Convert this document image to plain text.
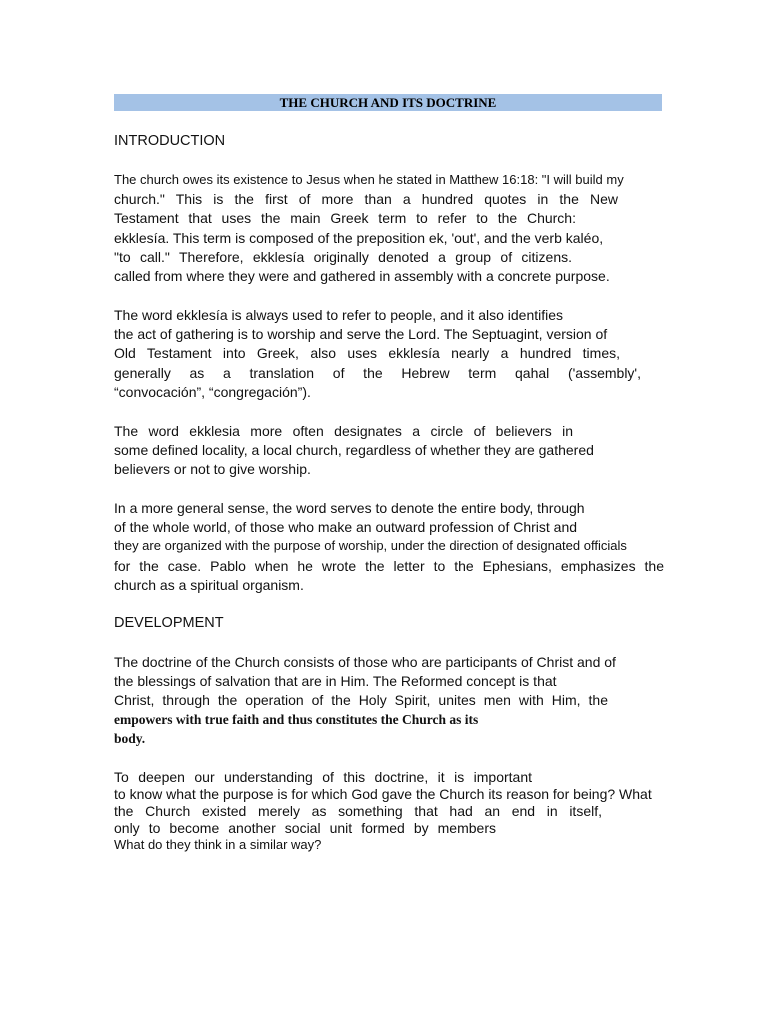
THE CHURCH AND ITS DOCTRINE
INTRODUCTION
The church owes its existence to Jesus when he stated in Matthew 16:18: "I will build my
church." This is the first of more than a hundred quotes in the New
Testament that uses the main Greek term to refer to the Church:
ekklesía. This term is composed of the preposition ek, 'out', and the verb kaléo,
"to call." Therefore, ekklesía originally denoted a group of citizens.
called from where they were and gathered in assembly with a concrete purpose.
The word ekklesía is always used to refer to people, and it also identifies
the act of gathering is to worship and serve the Lord. The Septuagint, version of
Old Testament into Greek, also uses ekklesía nearly a hundred times,
generally as a translation of the Hebrew term qahal ('assembly',
“convocación”, “congregación”).
The word ekklesia more often designates a circle of believers in
some defined locality, a local church, regardless of whether they are gathered
believers or not to give worship.
In a more general sense, the word serves to denote the entire body, through
of the whole world, of those who make an outward profession of Christ and
they are organized with the purpose of worship, under the direction of designated officials
for the case. Pablo when he wrote the letter to the Ephesians, emphasizes the
church as a spiritual organism.
DEVELOPMENT
The doctrine of the Church consists of those who are participants of Christ and of
the blessings of salvation that are in Him. The Reformed concept is that
Christ, through the operation of the Holy Spirit, unites men with Him, the
empowers with true faith and thus constitutes the Church as its
body.
To deepen our understanding of this doctrine, it is important
to know what the purpose is for which God gave the Church its reason for being? What
the Church existed merely as something that had an end in itself,
only to become another social unit formed by members
What do they think in a similar way?
